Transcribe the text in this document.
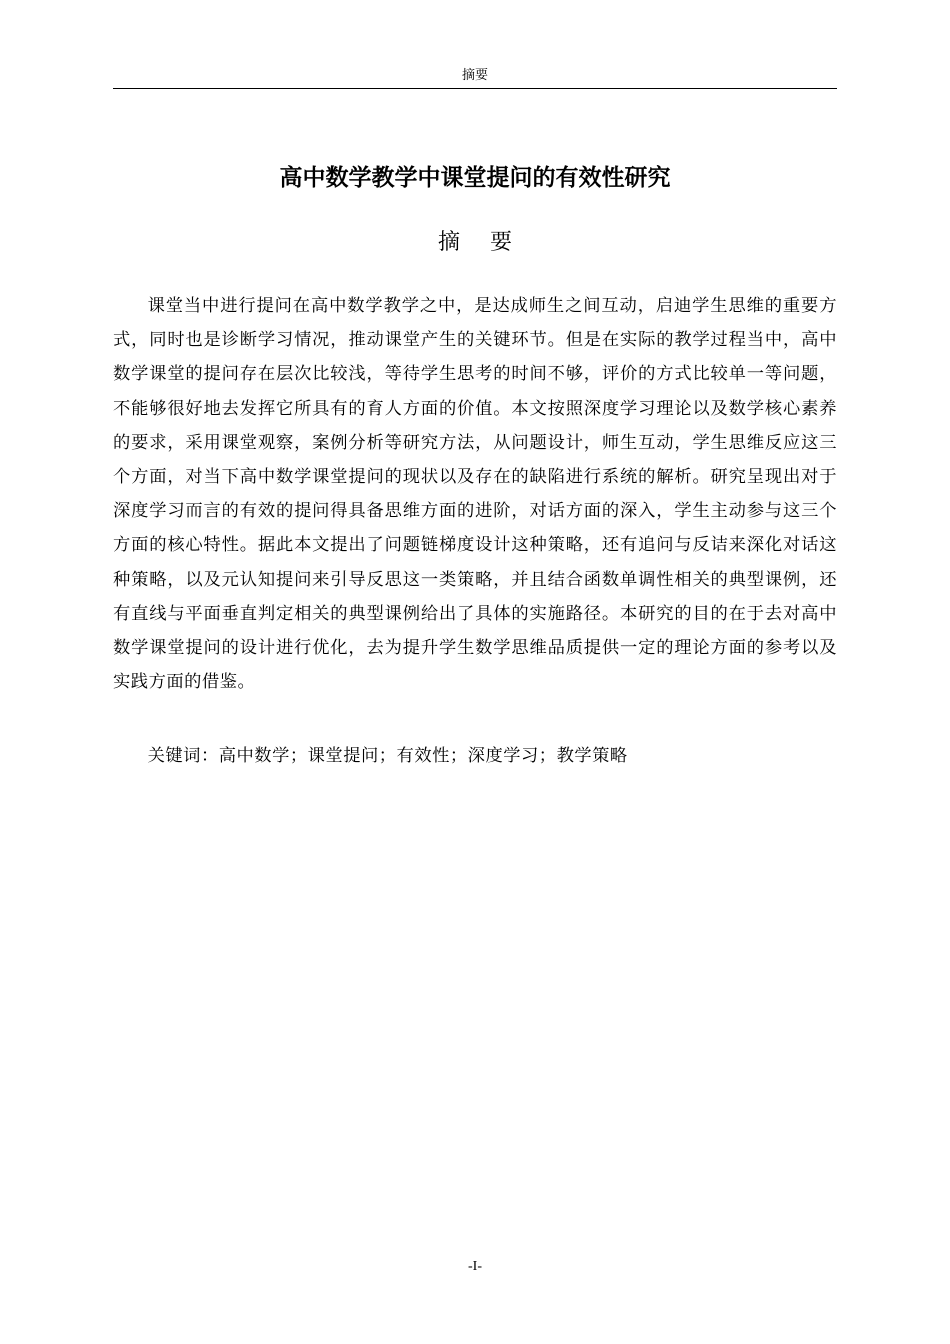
摘要
高中数学教学中课堂提问的有效性研究
摘要

课堂当中进行提问在高中数学教学之中，是达成师生之间互动，启迪学生思维的重要方式，同时也是诊断学习情况，推动课堂产生的关键环节。但是在实际的教学过程当中，高中数学课堂的提问存在层次比较浅，等待学生思考的时间不够，评价的方式比较单一等问题，不能够很好地去发挥它所具有的育人方面的价值。本文按照深度学习理论以及数学核心素养的要求，采用课堂观察，案例分析等研究方法，从问题设计，师生互动，学生思维反应这三个方面，对当下高中数学课堂提问的现状以及存在的缺陷进行系统的解析。研究呈现出对于深度学习而言的有效的提问得具备思维方面的进阶，对话方面的深入，学生主动参与这三个方面的核心特性。据此本文提出了问题链梯度设计这种策略，还有追问与反诘来深化对话这种策略，以及元认知提问来引导反思这一类策略，并且结合函数单调性相关的典型课例，还有直线与平面垂直判定相关的典型课例给出了具体的实施路径。本研究的目的在于去对高中数学课堂提问的设计进行优化，去为提升学生数学思维品质提供一定的理论方面的参考以及实践方面的借鉴。

关键词：高中数学；课堂提问；有效性；深度学习；教学策略
-I-
